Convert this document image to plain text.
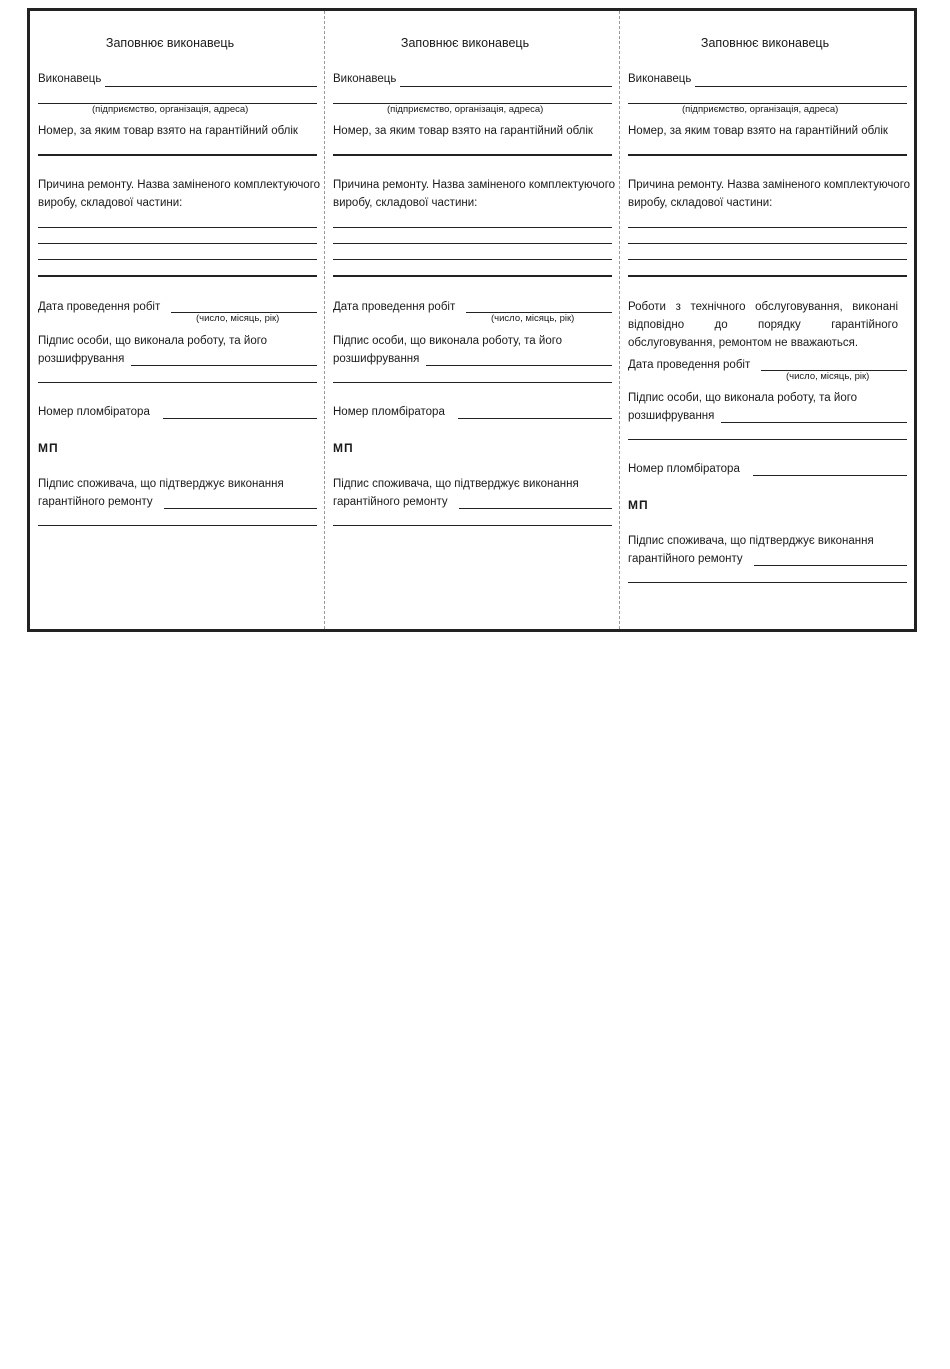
Заповнює виконавець
Виконавець
(підприємство, організація, адреса)
Номер, за яким товар взято на гарантійний облік
Причина ремонту. Назва заміненого комплектуючого
виробу, складової частини:
Дата проведення робіт
(число, місяць, рік)
Підпис особи, що виконала роботу, та його
розшифрування
Номер пломбіратора
МП
Підпис споживача, що підтверджує виконання
гарантійного ремонту
Заповнює виконавець
Виконавець
(підприємство, організація, адреса)
Номер, за яким товар взято на гарантійний облік
Причина ремонту. Назва заміненого комплектуючого
виробу, складової частини:
Дата проведення робіт
(число, місяць, рік)
Підпис особи, що виконала роботу, та його
розшифрування
Номер пломбіратора
МП
Підпис споживача, що підтверджує виконання
гарантійного ремонту
Заповнює виконавець
Виконавець
(підприємство, організація, адреса)
Номер, за яким товар взято на гарантійний облік
Причина ремонту. Назва заміненого комплектуючого
виробу, складової частини:
Роботи з технічного обслуговування, виконані відповідно до порядку гарантійного обслуговування, ремонтом не вважаються.
Дата проведення робіт
(число, місяць, рік)
Підпис особи, що виконала роботу, та його
розшифрування
Номер пломбіратора
МП
Підпис споживача, що підтверджує виконання
гарантійного ремонту
